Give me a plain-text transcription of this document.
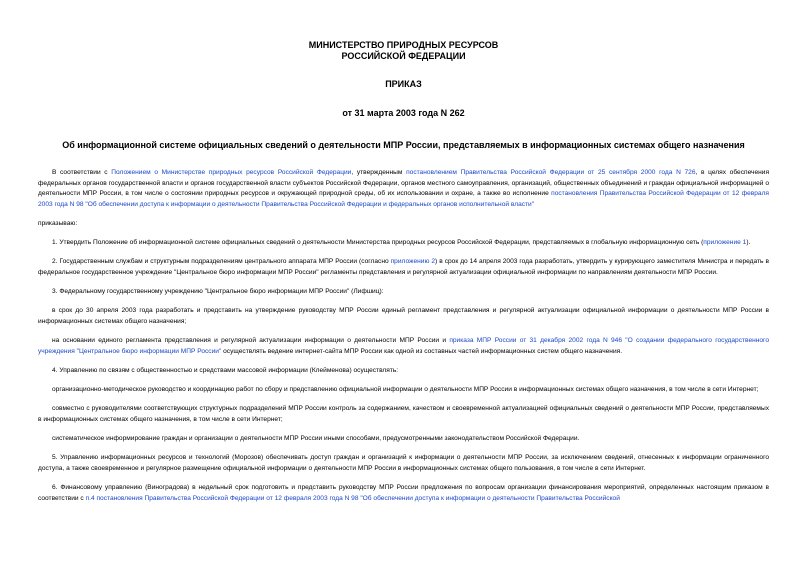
МИНИСТЕРСТВО ПРИРОДНЫХ РЕСУРСОВ
РОССИЙСКОЙ ФЕДЕРАЦИИ
ПРИКАЗ
от 31 марта 2003 года N 262
Об информационной системе официальных сведений о деятельности МПР России, представляемых в информационных системах общего назначения

В соответствии с Положением о Министерстве природных ресурсов Российской Федерации, утвержденным постановлением Правительства Российской Федерации от 25 сентября 2000 года N 726, в целях обеспечения федеральных органов государственной власти и органов государственной власти субъектов Российской Федерации, органов местного самоуправления, организаций, общественных объединений и граждан официальной информацией о деятельности МПР России, в том числе о состоянии природных ресурсов и окружающей природной среды, об их использовании и охране, а также во исполнение постановления Правительства Российской Федерации от 12 февраля 2003 года N 98 "Об обеспечении доступа к информации о деятельности Правительства Российской Федерации и федеральных органов исполнительной власти"

приказываю:

1. Утвердить Положение об информационной системе официальных сведений о деятельности Министерства природных ресурсов Российской Федерации, представляемых в глобальную информационную сеть (приложение 1).

2. Государственным службам и структурным подразделениям центрального аппарата МПР России (согласно приложению 2) в срок до 14 апреля 2003 года разработать, утвердить у курирующего заместителя Министра и передать в федеральное государственное учреждение "Центральное бюро информации МПР России" регламенты представления и регулярной актуализации официальной информации по направлениям деятельности МПР России.

3. Федеральному государственному учреждению "Центральное бюро информации МПР России" (Лифшиц):

в срок до 30 апреля 2003 года разработать и представить на утверждение руководству МПР России единый регламент представления и регулярной актуализации официальной информации о деятельности МПР России в информационных системах общего назначения;

на основании единого регламента представления и регулярной актуализации информации о деятельности МПР России и приказа МПР России от 31 декабря 2002 года N 946 "О создании федерального государственного учреждения "Центральное бюро информации МПР России" осуществлять ведение интернет-сайта МПР России как одной из составных частей информационных систем общего назначения.

4. Управлению по связям с общественностью и средствами массовой информации (Клейменова) осуществлять:

организационно-методическое руководство и координацию работ по сбору и представлению официальной информации о деятельности МПР России в информационных системах общего назначения, в том числе в сети Интернет;

совместно с руководителями соответствующих структурных подразделений МПР России контроль за содержанием, качеством и своевременной актуализацией официальных сведений о деятельности МПР России, представляемых в информационных системах общего назначения, в том числе в сети Интернет;

систематическое информирование граждан и организации о деятельности МПР России иными способами, предусмотренными законодательством Российской Федерации.

5. Управлению информационных ресурсов и технологий (Морозов) обеспечивать доступ граждан и организаций к информации о деятельности МПР России, за исключением сведений, отнесенных к информации ограниченного доступа, а также своевременное и регулярное размещение официальной информации о деятельности МПР России в информационных системах общего пользования, в том числе в сети Интернет.

6. Финансовому управлению (Виноградова) в недельный срок подготовить и представить руководству МПР России предложения по вопросам организации финансирования мероприятий, определенных настоящим приказом в соответствии с п.4 постановления Правительства Российской Федерации от 12 февраля 2003 года N 98 "Об обеспечении доступа к информации о деятельности Правительства Российской
